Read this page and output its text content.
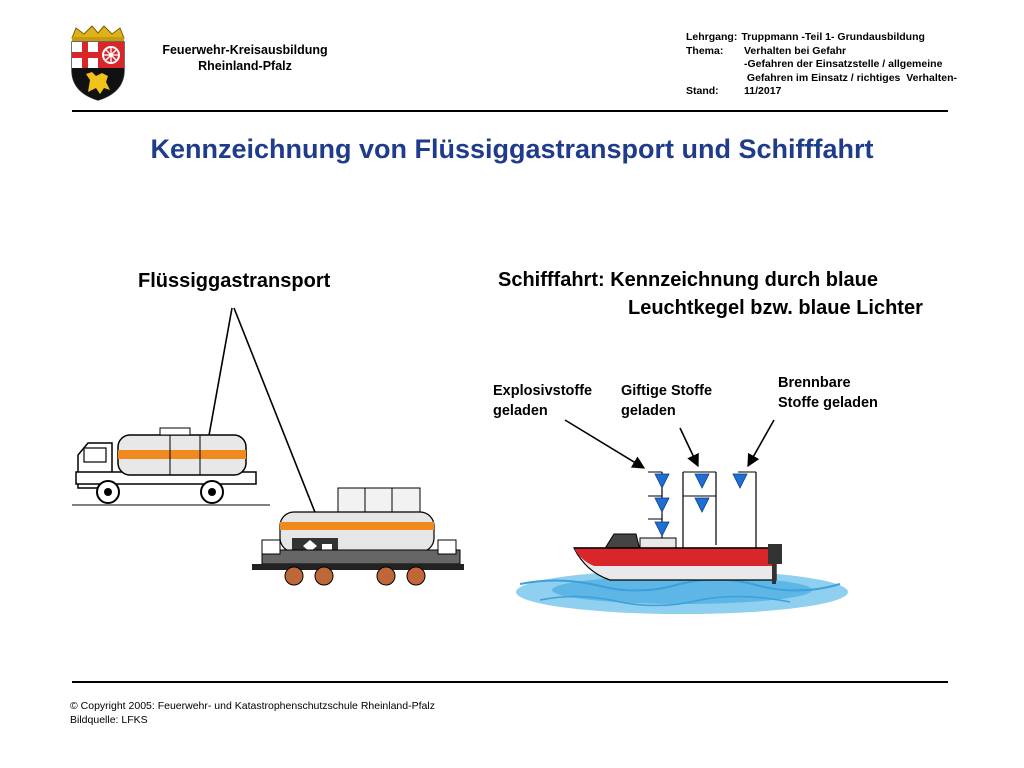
Feuerwehr-Kreisausbildung
Rheinland-Pfalz
Lehrgang: Truppmann -Teil 1- Grundausbildung
Thema:	Verhalten bei Gefahr
-Gefahren der Einsatzstelle / allgemeine
Gefahren im Einsatz / richtiges  Verhalten-
Stand:	11/2017
Kennzeichnung von Flüssiggastransport und Schifffahrt
Flüssiggastransport	Schifffahrt: Kennzeichnung durch blaue
Leuchtkegel bzw. blaue Lichter
Explosivstoffe
geladen
Giftige Stoffe
geladen
Brennbare
Stoffe geladen
© Copyright 2005: Feuerwehr- und Katastrophenschutzschule Rheinland-Pfalz
Bildquelle: LFKS
